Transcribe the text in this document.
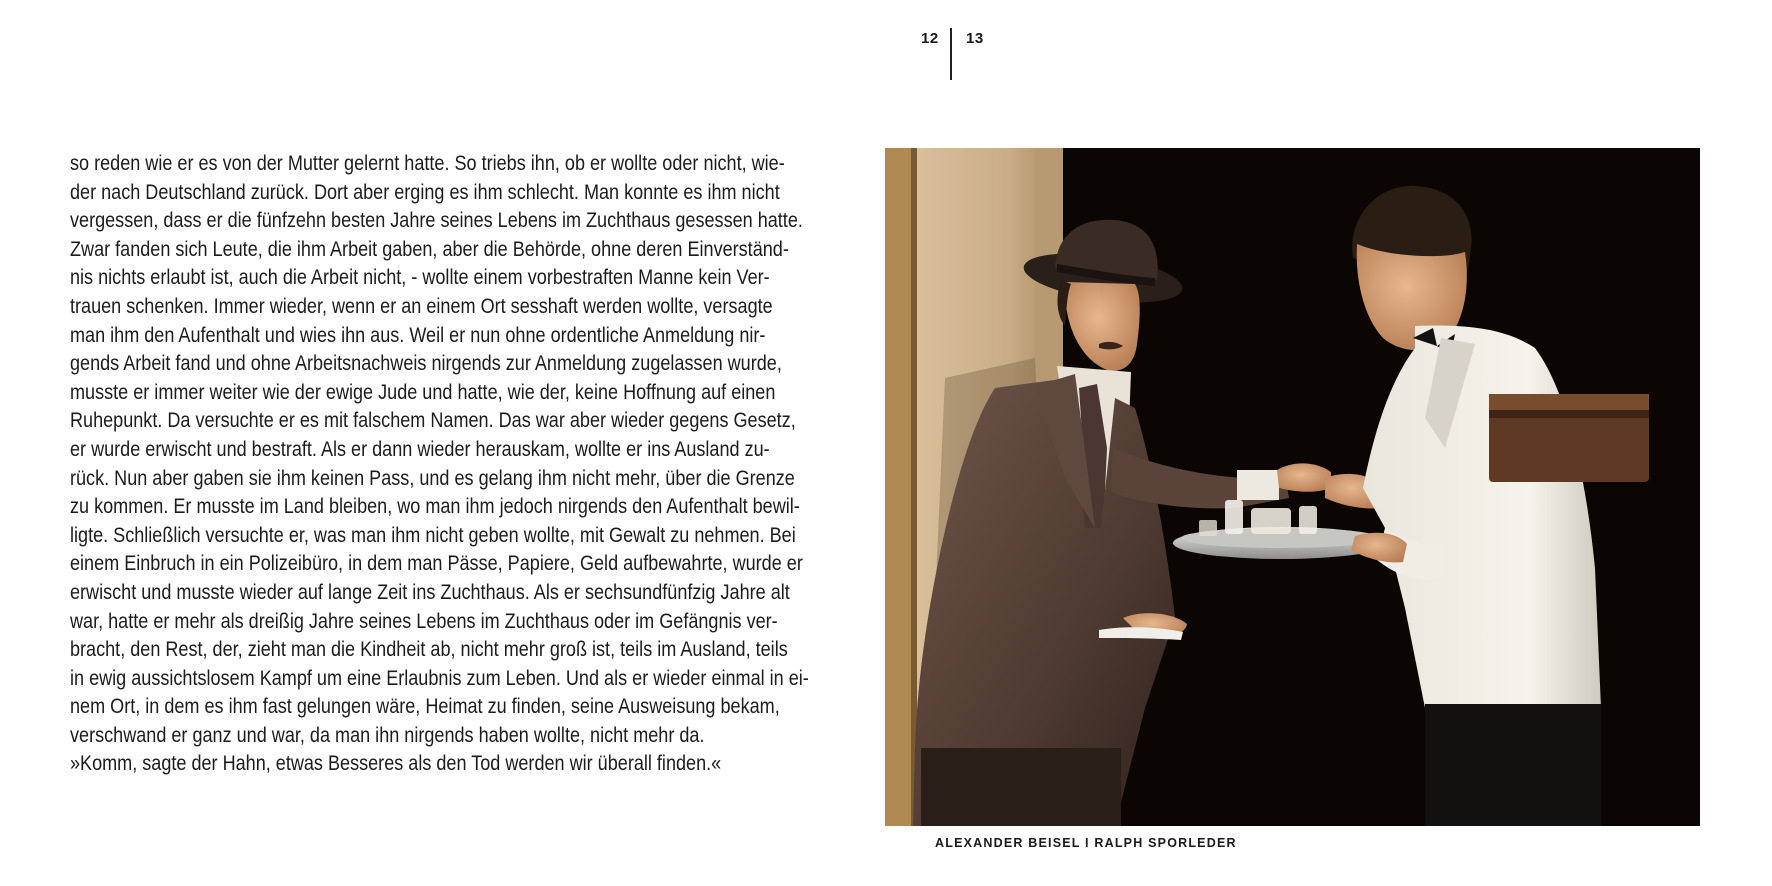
12 13
so reden wie er es von der Mutter gelernt hatte. So triebs ihn, ob er wollte oder nicht, wie-
der nach Deutschland zurück. Dort aber erging es ihm schlecht. Man konnte es ihm nicht
vergessen, dass er die fünfzehn besten Jahre seines Lebens im Zuchthaus gesessen hatte.
Zwar fanden sich Leute, die ihm Arbeit gaben, aber die Behörde, ohne deren Einverständ-
nis nichts erlaubt ist, auch die Arbeit nicht, - wollte einem vorbestraften Manne kein Ver-
trauen schenken. Immer wieder, wenn er an einem Ort sesshaft werden wollte, versagte
man ihm den Aufenthalt und wies ihn aus. Weil er nun ohne ordentliche Anmeldung nir-
gends Arbeit fand und ohne Arbeitsnachweis nirgends zur Anmeldung zugelassen wurde,
musste er immer weiter wie der ewige Jude und hatte, wie der, keine Hoffnung auf einen
Ruhepunkt. Da versuchte er es mit falschem Namen. Das war aber wieder gegens Gesetz,
er wurde erwischt und bestraft. Als er dann wieder herauskam, wollte er ins Ausland zu-
rück. Nun aber gaben sie ihm keinen Pass, und es gelang ihm nicht mehr, über die Grenze
zu kommen. Er musste im Land bleiben, wo man ihm jedoch nirgends den Aufenthalt bewil-
ligte. Schließlich versuchte er, was man ihm nicht geben wollte, mit Gewalt zu nehmen. Bei
einem Einbruch in ein Polizeibüro, in dem man Pässe, Papiere, Geld aufbewahrte, wurde er
erwischt und musste wieder auf lange Zeit ins Zuchthaus. Als er sechsundfünfzig Jahre alt
war, hatte er mehr als dreißig Jahre seines Lebens im Zuchthaus oder im Gefängnis ver-
bracht, den Rest, der, zieht man die Kindheit ab, nicht mehr groß ist, teils im Ausland, teils
in ewig aussichtslosem Kampf um eine Erlaubnis zum Leben. Und als er wieder einmal in ei-
nem Ort, in dem es ihm fast gelungen wäre, Heimat zu finden, seine Ausweisung bekam,
verschwand er ganz und war, da man ihn nirgends haben wollte, nicht mehr da.
»Komm, sagte der Hahn, etwas Besseres als den Tod werden wir überall finden.«
ALEXANDER BEISEL I RALPH SPORLEDER
